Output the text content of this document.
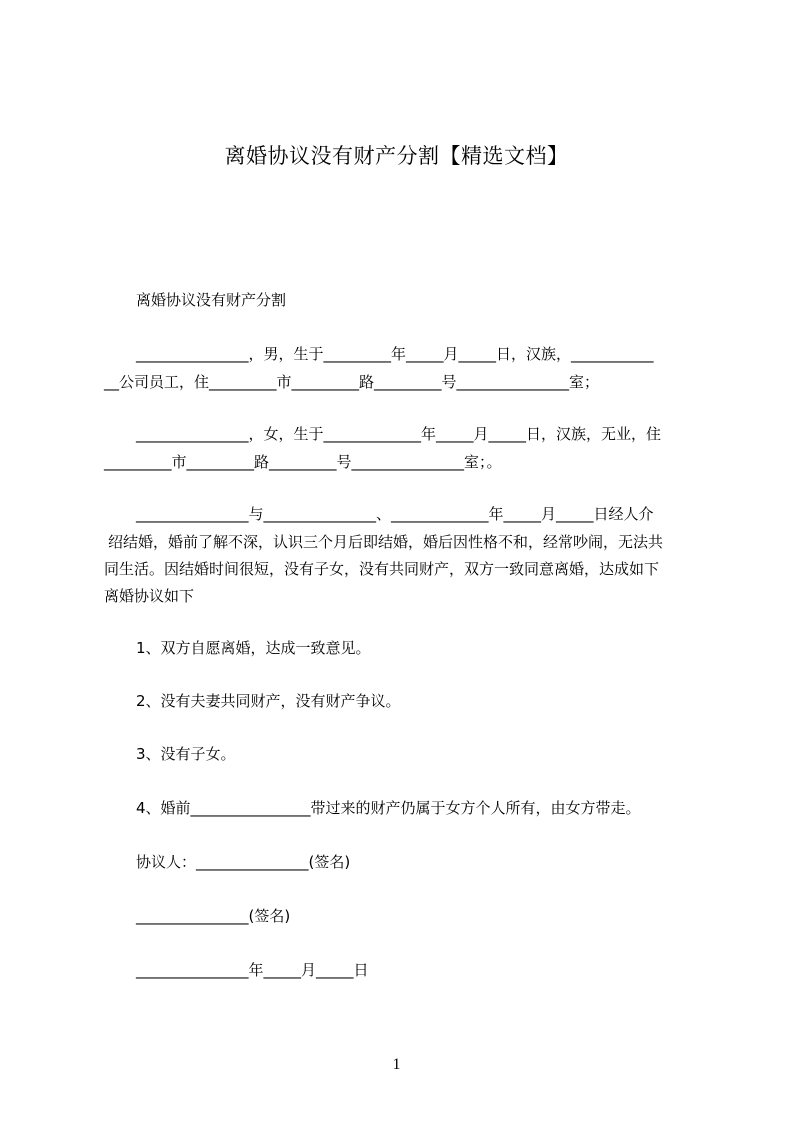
离婚协议没有财产分割【精选文档】
离婚协议没有财产分割
_______________，男，生于_________年_____月_____日，汉族，___________
__公司员工，住_________市_________路_________号_______________室；
_______________，女，生于_____________年_____月_____日，汉族，无业，住
_________市_________路_________号_______________室；。
_______________与_______________、_____________年_____月_____日经人介
绍结婚，婚前了解不深，认识三个月后即结婚，婚后因性格不和，经常吵闹，无法共
同生活。因结婚时间很短，没有子女，没有共同财产，双方一致同意离婚，达成如下
离婚协议如下
1、双方自愿离婚，达成一致意见。
2、没有夫妻共同财产，没有财产争议。
3、没有子女。
4、婚前________________带过来的财产仍属于女方个人所有，由女方带走。
协议人：_______________(签名)
_______________(签名)
_______________年_____月_____日
1
